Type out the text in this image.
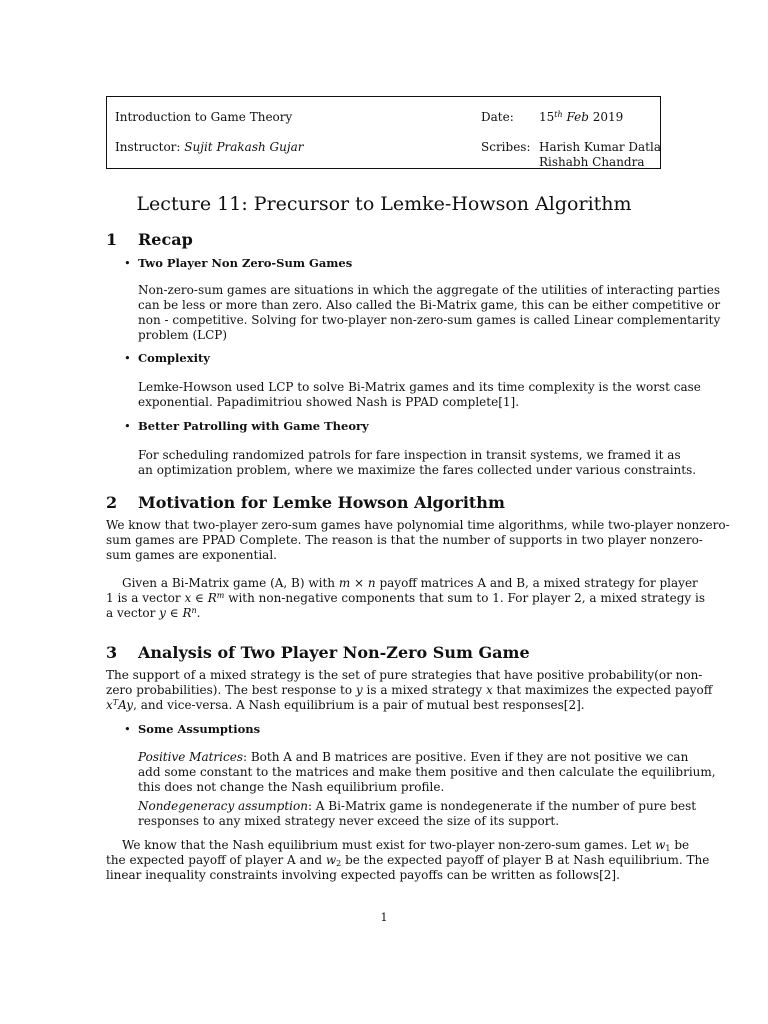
Introduction to Game Theory
Instructor: Sujit Prakash Gujar
Date: 15th Feb 2019
Scribes: Harish Kumar Datla
Rishabh Chandra
Lecture 11: Precursor to Lemke-Howson Algorithm
1 Recap
• Two Player Non Zero-Sum Games
Non-zero-sum games are situations in which the aggregate of the utilities of interacting parties
can be less or more than zero. Also called the Bi-Matrix game, this can be either competitive or
non - competitive. Solving for two-player non-zero-sum games is called Linear complementarity
problem (LCP)
• Complexity
Lemke-Howson used LCP to solve Bi-Matrix games and its time complexity is the worst case
exponential. Papadimitriou showed Nash is PPAD complete[1].
• Better Patrolling with Game Theory
For scheduling randomized patrols for fare inspection in transit systems, we framed it as
an optimization problem, where we maximize the fares collected under various constraints.
2 Motivation for Lemke Howson Algorithm
We know that two-player zero-sum games have polynomial time algorithms, while two-player nonzero-
sum games are PPAD Complete. The reason is that the number of supports in two player nonzero-
sum games are exponential.
Given a Bi-Matrix game (A, B) with m × n payoff matrices A and B, a mixed strategy for player
1 is a vector x ∈ $R^m$ with non-negative components that sum to 1. For player 2, a mixed strategy is
a vector y ∈ $R^n$.
3 Analysis of Two Player Non-Zero Sum Game
The support of a mixed strategy is the set of pure strategies that have positive probability(or non-
zero probabilities). The best response to y is a mixed strategy x that maximizes the expected payoff
$x^TAy$, and vice-versa. A Nash equilibrium is a pair of mutual best responses[2].
• Some Assumptions
Positive Matrices: Both A and B matrices are positive. Even if they are not positive we can
add some constant to the matrices and make them positive and then calculate the equilibrium,
this does not change the Nash equilibrium profile.
Nondegeneracy assumption: A Bi-Matrix game is nondegenerate if the number of pure best
responses to any mixed strategy never exceed the size of its support.
We know that the Nash equilibrium must exist for two-player non-zero-sum games. Let $w_1$ be
the expected payoff of player A and $w_2$ be the expected payoff of player B at Nash equilibrium. The
linear inequality constraints involving expected payoffs can be written as follows[2].
1
